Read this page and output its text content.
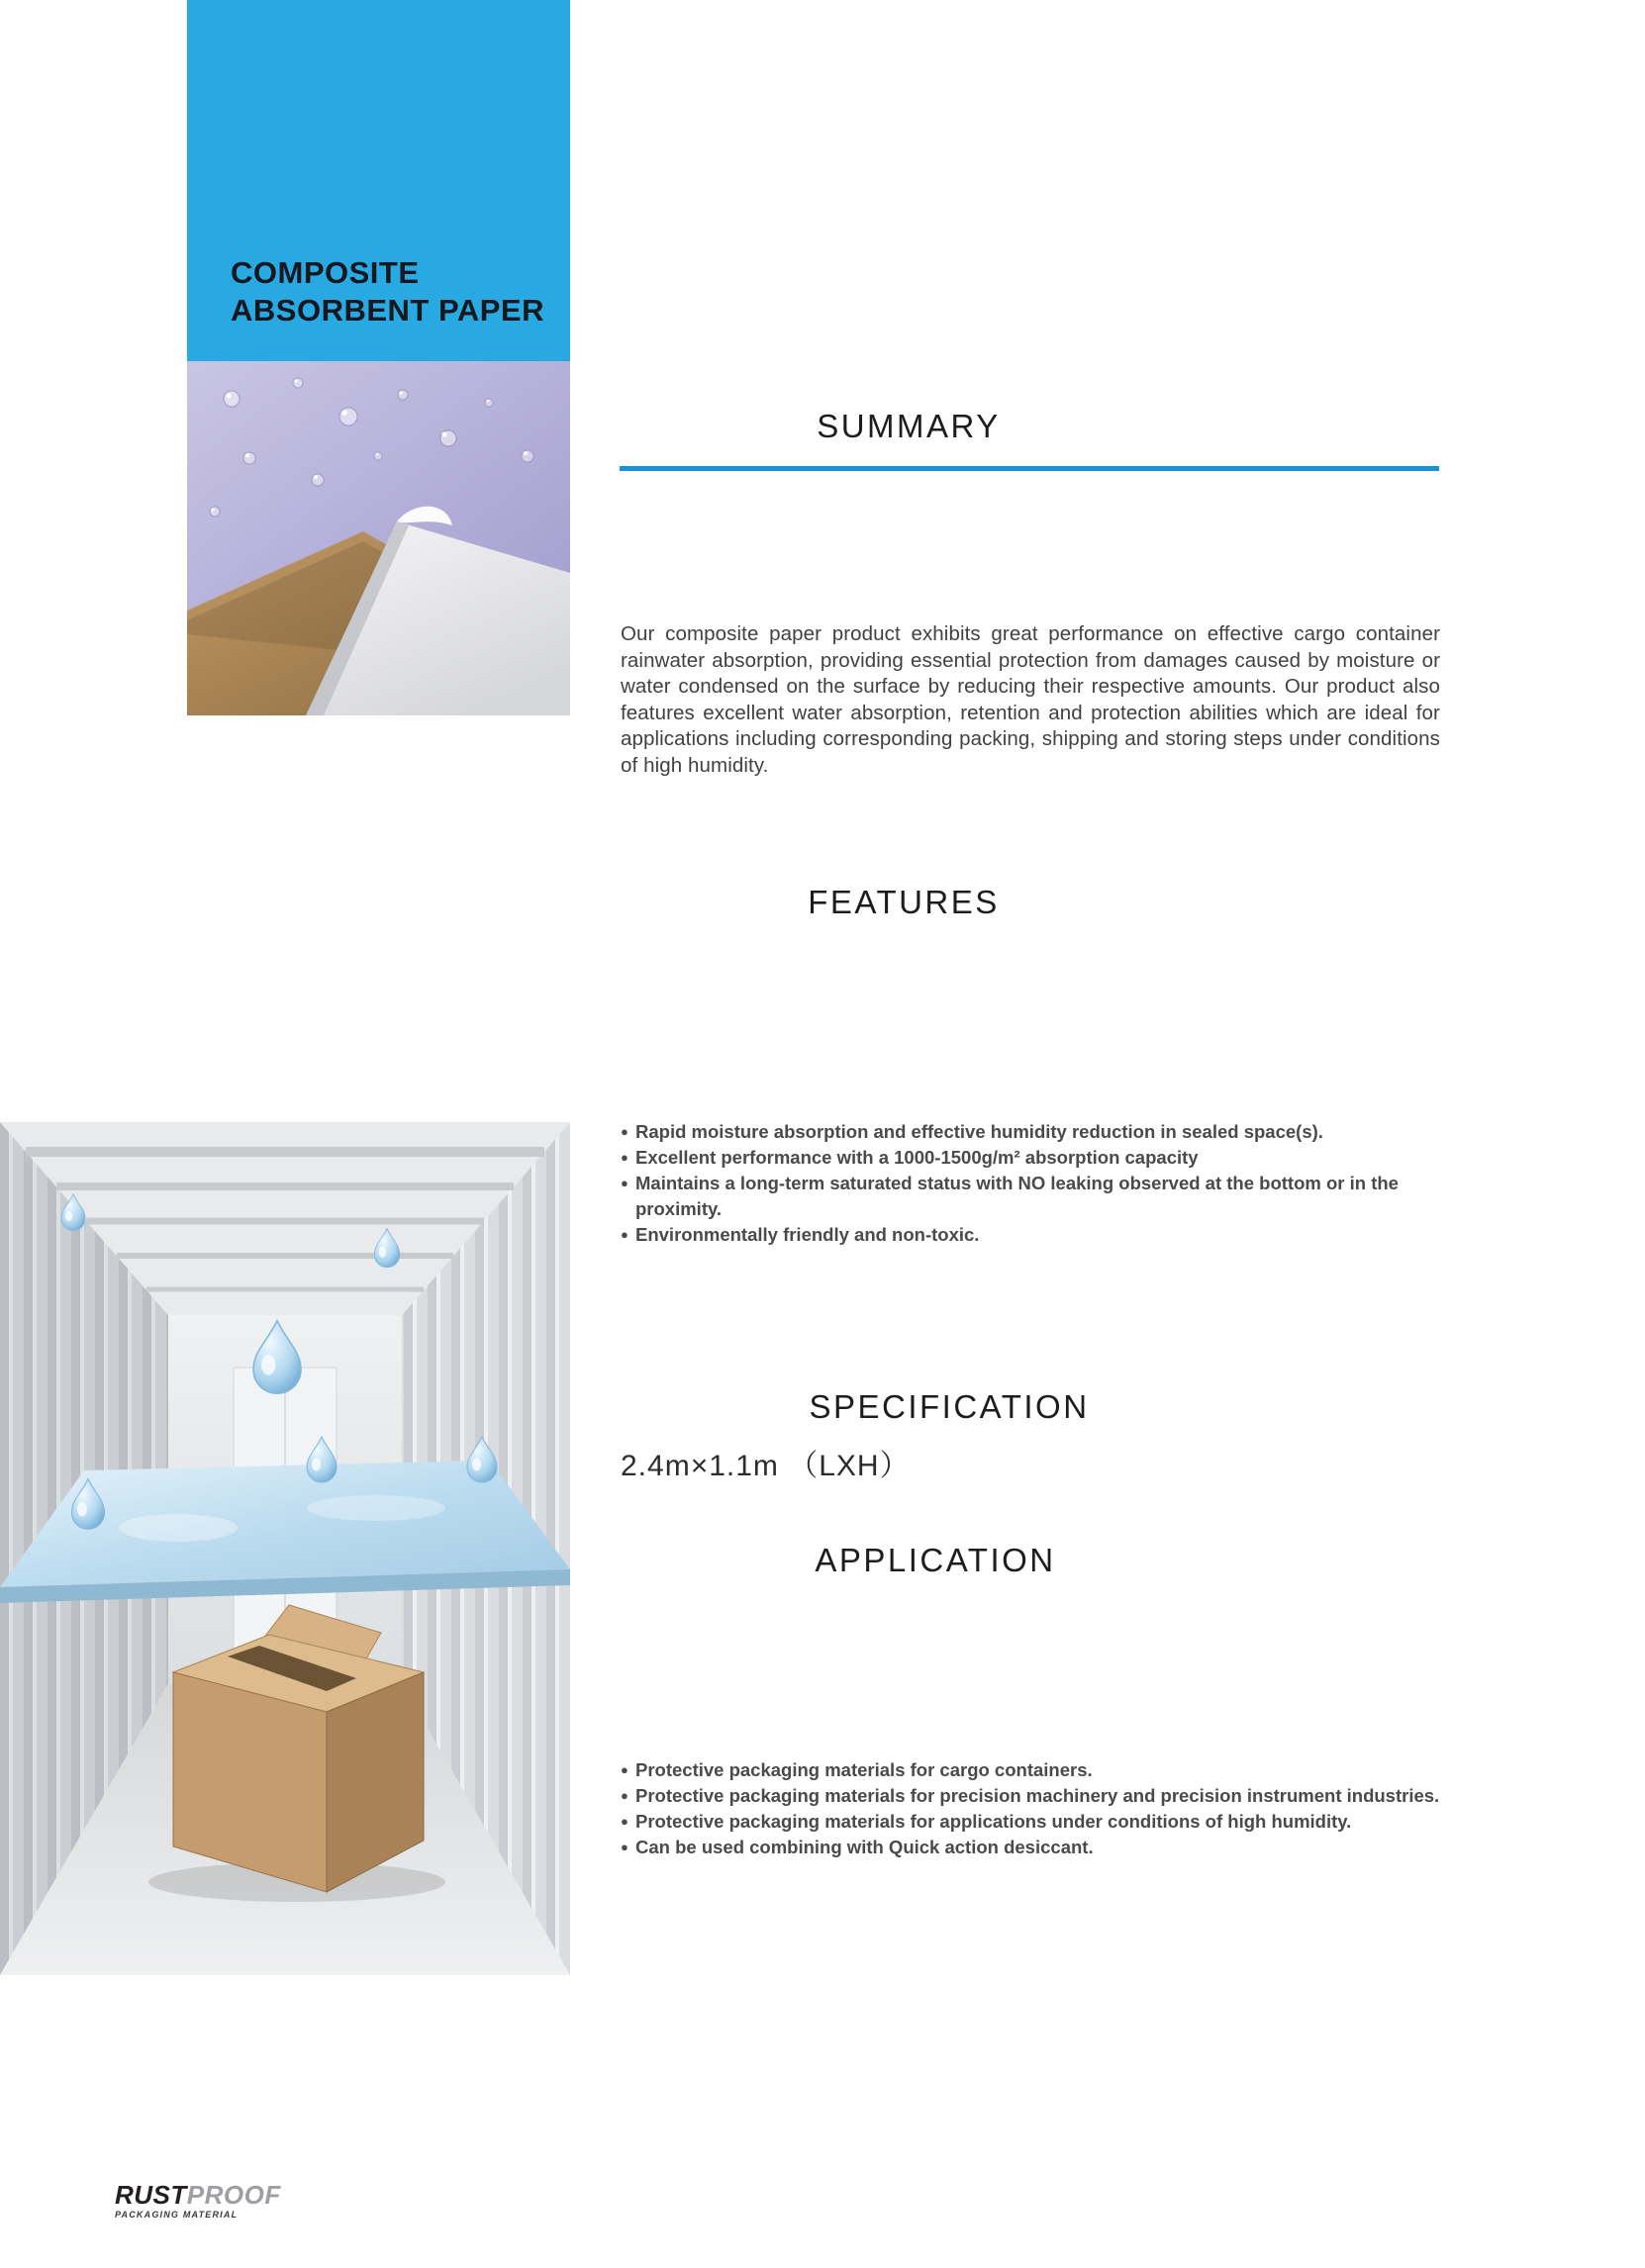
COMPOSITE
ABSORBENT PAPER
SUMMARY

Our composite paper product exhibits great performance on effective cargo container rainwater absorption, providing essential protection from damages caused by moisture or water condensed on the surface by reducing their respective amounts. Our product also features excellent water absorption, retention and protection abilities which are ideal for applications including corresponding packing, shipping and storing steps under conditions of high humidity.

FEATURES
● Rapid moisture absorption and effective humidity reduction in sealed space(s).
● Excellent performance with a 1000-1500g/m² absorption capacity
● Maintains a long-term saturated status with NO leaking observed at the bottom or in the proximity.
● Environmentally friendly and non-toxic.
SPECIFICATION

2.4m×1.1m （LXH）

APPLICATION
● Protective packaging materials for cargo containers.
● Protective packaging materials for precision machinery and precision instrument industries.
● Protective packaging materials for applications under conditions of high humidity.
● Can be used combining with Quick action desiccant.
RUSTPROOF
PACKAGING MATERIAL
